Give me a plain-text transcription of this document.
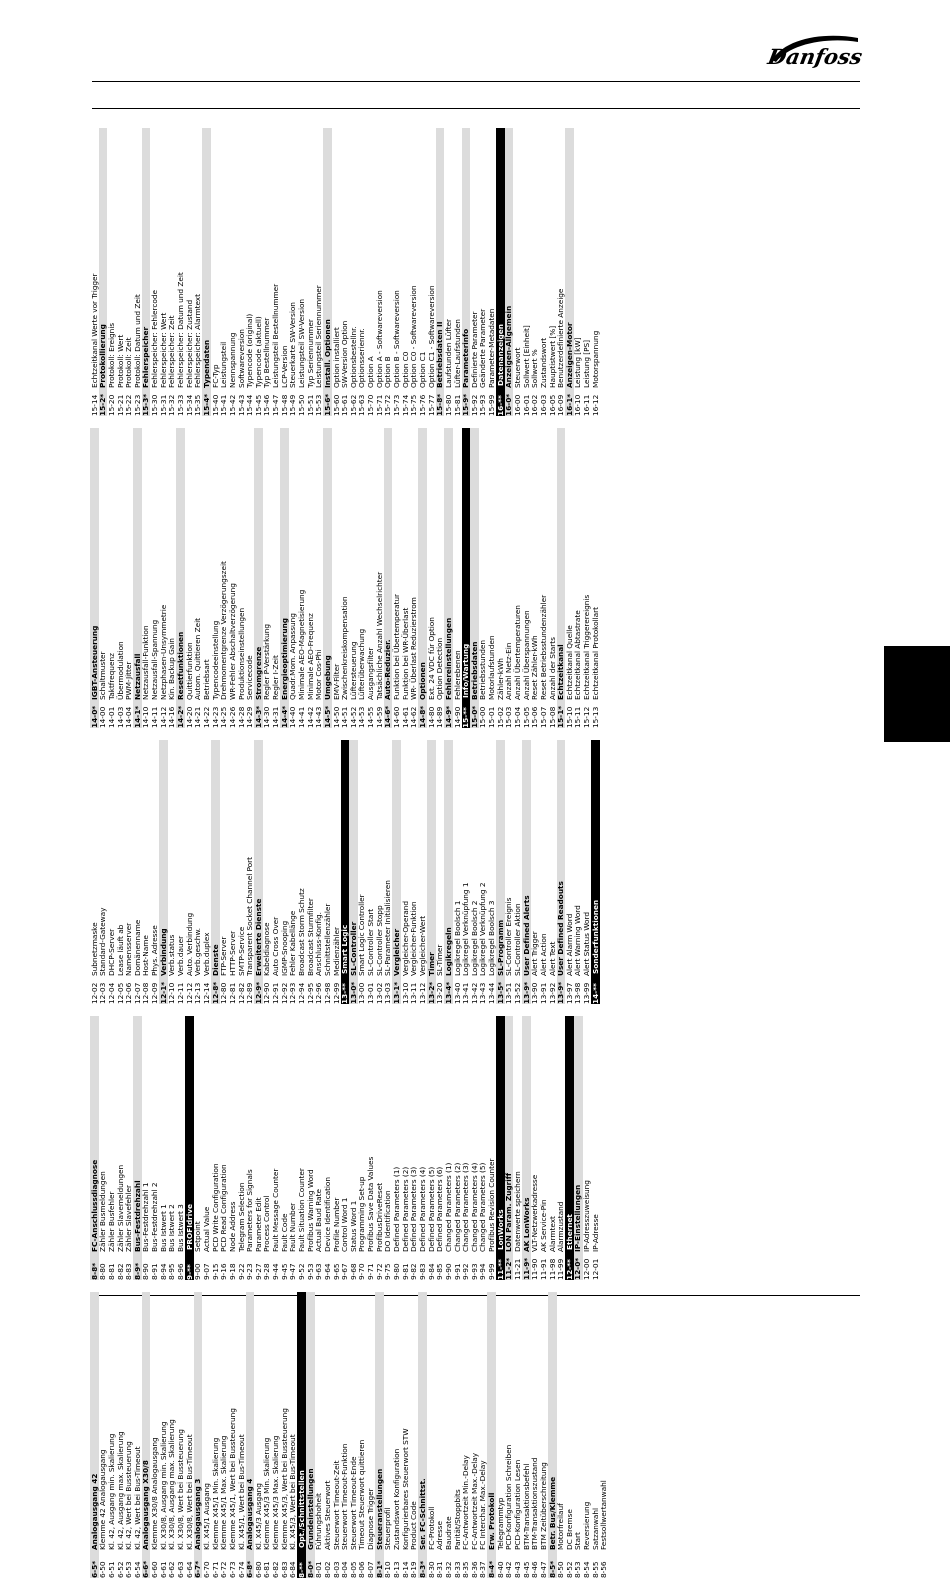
Danfoss
6-5*
Analogausgang 42
6-50
Klemme 42 Analogausgang
6-51
Kl. 42, Ausgang min. Skalierung
6-52
Kl. 42, Ausgang max. Skalierung
6-53
Kl. 42, Wert bei Bussteuerung
6-54
Kl. 42, Wert bei Bus-Timeout
6-6*
Analogausgang X30/8
6-60
Klemme X30/8 Analogausgang
6-61
Kl. X30/8, Ausgang min. Skalierung
6-62
Kl. X30/8, Ausgang max. Skalierung
6-63
Kl. X30/8, Wert bei Bussteuerung
6-64
Kl. X30/8, Wert bei Bus-Timeout
6-7*
Analogausgang 3
6-70
Kl. X45/1 Ausgang
6-71
Klemme X45/1 Min. Skalierung
6-72
Klemme X45/1 Max. Skalierung
6-73
Klemme X45/1, Wert bei Bussteuerung
6-74
Kl. X45/1, Wert bei Bus-Timeout
6-8*
Analogausgang 4
6-80
Kl. X45/3 Ausgang
6-81
Klemme X45/3 Min. Skalierung
6-82
Klemme X45/3 Max. Skalierung
6-83
Klemme X45/3, Wert bei Bussteuerung
6-84
Kl. X45/3, Wert bei Bus-Timeout
8-**
Opt./Schnittstellen
8-0*
Grundeinstellungen
8-01
Führungshoheit
8-02
Aktives Steuerwort
8-03
Steuerwort Timeout-Zeit
8-04
Steuerwort Timeout-Funktion
8-05
Steuerwort Timeout-Ende
8-06
Timeout Steuerwort quittieren
8-07
Diagnose Trigger
8-1*
Steueranstellungen
8-10
Steuerprofil
8-13
Zustandswort Konfiguration
8-14
Konfigurierbares Steuerwort STW
8-19
Product Code
8-3*
Ser. FC-Schnittst.
8-30
FC-Protokoll
8-31
Adresse
8-32
Baudrate
8-33
Parität/Stoppbits
8-35
FC-Antwortzeit Min.-Delay
8-36
FC-Antwortzeit Max.-Delay
8-37
FC Interchar. Max.-Delay
8-4*
Erw. Protokoll
8-40
Telegrammtyp
8-42
PCD-Konfiguration Schreiben
8-43
PCD-Konfiguration Lesen
8-45
BTM-Transaktionsbefehl
8-46
BTM-Transaktionszustand
8-47
BTM Zeitüberschreitung
8-5*
Betr. Bus/Klemme
8-50
Motorfreilauf
8-52
DC Bremse
8-53
Start
8-54
Reversierung
8-55
Satzanwahl
8-56
Festsollwertanwahl
8-8*
FC-Anschlussdiagnose
8-80
Zähler Busmeldungen
8-81
Zähler Busfehler
8-82
Zähler Slavemeldungen
8-83
Zähler Slavefehler
8-9*
Bus-Festdrehzahl
8-90
Bus-Festdrehzahl 1
8-91
Bus-Festdrehzahl 2
8-94
Bus Istwert 1
8-95
Bus Istwert 2
8-96
Bus Istwert 3
9-**
PROFIdrive
9-00
Setpoint
9-07
Actual Value
9-15
PCD Write Configuration
9-16
PCD Read Configuration
9-18
Node Address
9-22
Telegram Selection
9-23
Parameters for Signals
9-27
Parameter Edit
9-28
Process Control
9-44
Fault Message Counter
9-45
Fault Code
9-47
Fault Number
9-52
Fault Situation Counter
9-53
Profibus Warning Word
9-63
Actual Baud Rate
9-64
Device Identification
9-65
Profile Number
9-67
Control Word 1
9-68
Status Word 1
9-70
Programming Set-up
9-71
Profibus Save Data Values
9-72
ProfibusDriveReset
9-75
DO Identification
9-80
Defined Parameters (1)
9-81
Defined Parameters (2)
9-82
Defined Parameters (3)
9-83
Defined Parameters (4)
9-84
Defined Parameters (5)
9-85
Defined Parameters (6)
9-90
Changed Parameters (1)
9-91
Changed Parameters (2)
9-92
Changed Parameters (3)
9-93
Changed Parameters (4)
9-94
Changed Parameters (5)
9-99
Profibus Revision Counter
11-**
LonWorks
11-2*
LON Param. Zugriff
11-21
Datenwerte speichern
11-9*
AK LonWorks
11-90
VLT-Netzwerkadresse
11-91
AK Service-Pin
11-98
Alarmtext
11-99
Alarmzustand
12-**
Ethernet
12-0*
IP-Einstellungen
12-00
IP-Adresszuweisung
12-01
IP-Adresse
12-02
Subnetzmaske
12-03
Standard-Gateway
12-04
DHCP-Server
12-05
Lease läuft ab
12-06
Namensserver
12-07
Domänenname
12-08
Host-Name
12-09
Phys. Adresse
12-1*
Verbindung
12-10
Verb.status
12-11
Verb.dauer
12-12
Auto. Verbindung
12-13
Verb.geschw.
12-14
Verb.duplex
12-8*
Dienste
12-80
FTP-Server
12-81
HTTP-Server
12-82
SMTP-Service
12-89
Transparent Socket Channel Port
12-9*
Erweiterte Dienste
12-90
Kabeldiagnose
12-91
Auto Cross Over
12-92
IGMP-Snooping
12-93
Fehler Kabellänge
12-94
Broadcast Storm Schutz
12-95
Broadcast Sturmfilter
12-96
Anschluss-Konfig.
12-98
Schnittstellenzähler
12-99
Medienzähler
13-**
Smart Logic
13-0*
SL-Controller
13-00
Smart Logic Controller
13-01
SL-Controller Start
13-02
SL-Controller Stopp
13-03
SL-Parameter Initialisieren
13-1*
Vergleicher
13-10
Vergleicher-Operand
13-11
Vergleicher-Funktion
13-12
Vergleicher-Wert
13-2*
Timer
13-20
SL-Timer
13-4*
Logikregeln
13-40
Logikregel Boolsch 1
13-41
Logikregel Verknüpfung 1
13-42
Logikregel Boolsch 2
13-43
Logikregel Verknüpfung 2
13-44
Logikregel Boolsch 3
13-5*
SL-Programm
13-51
SL-Controller Ereignis
13-52
SL-Controller Aktion
13-9*
User Defined Alerts
13-90
Alert Trigger
13-91
Alert Action
13-92
Alert Text
13-9*
User Defined Readouts
13-97
Alert Alarm Word
13-98
Alert Warning Word
13-99
Alert Status Word
14-**
Sonderfunktionen
14-0*
IGBT-Ansteuerung
14-00
Schaltmuster
14-01
Taktfrequenz
14-03
Übermodulation
14-04
PWM-Jitter
14-1*
Netzausfall
14-10
Netzausfall-Funktion
14-11
Netzausfall-Spannung
14-12
Netzphasen-Unsymmetrie
14-16
Kin. Backup Gain
14-2*
Resetfunktionen
14-20
Quittierfunktion
14-21
Autom. Quittieren Zeit
14-22
Betriebsart
14-23
Typencodeeinstellung
14-25
Drehmomentgrenze Verzögerungszeit
14-26
WR-Fehler Abschaltverzögerung
14-28
Produktionseinstellungen
14-29
Servicecode
14-3*
Stromgrenze
14-30
Regler P-Verstärkung
14-31
Regler I-Zeit
14-4*
Energieoptimierung
14-40
Quadr.Mom. Anpassung
14-41
Minimale AEO-Magnetisierung
14-42
Minimale AEO-Frequenz
14-43
Motor Cos-Phi
14-5*
Umgebung
14-50
EMV-Filter
14-51
Zwischenkreiskompensation
14-52
Lüftersteuerung
14-53
Lüfterüberwachung
14-55
Ausgangsfilter
14-59
Tatsächliche Anzahl Wechselrichter
14-6*
Auto-Reduzier.
14-60
Funktion bei Übertemperatur
14-61
Funktion bei WR-Überlast
14-62
WR- Überlast Reduzierstrom
14-8*
Optionen
14-80
Ext. 24 VDC für Option
14-89
Option Detection
14-9*
Fehlereinstellungen
14-90
Fehlerebenen
15-**
Info/Wartung
15-0*
Betriebsdaten
15-00
Betriebsstunden
15-01
Motorlaufstunden
15-02
Zähler-kWh
15-03
Anzahl Netz-Ein
15-04
Anzahl Übertemperaturen
15-05
Anzahl Überspannungen
15-06
Reset Zähler-kWh
15-07
Reset Betriebsstundenzähler
15-08
Anzahl der Starts
15-1*
Echtzeitkanal
15-10
Echtzeitkanal Quelle
15-11
Echtzeitkanal Abtastrate
15-12
Echtzeitkanal Triggerereignis
15-13
Echtzeitkanal Protokollart
15-14
Echtzeitkanal Werte vor Trigger
15-2*
Protokollierung
15-20
Protokoll: Ereignis
15-21
Protokoll: Wert
15-22
Protokoll: Zeit
15-23
Protokoll: Datum und Zeit
15-3*
Fehlerspeicher
15-30
Fehlerspeicher: Fehlercode
15-31
Fehlerspeicher: Wert
15-32
Fehlerspeicher: Zeit
15-33
Fehlerspeicher: Datum und Zeit
15-34
Fehlerspeicher: Zustand
15-35
Fehlerspeicher: Alarmtext
15-4*
Typendaten
15-40
FC-Typ
15-41
Leistungsteil
15-42
Nennspannung
15-43
Softwareversion
15-44
Typencode (original)
15-45
Typencode (aktuell)
15-46
Typ Bestellnummer
15-47
Leistungsteil Bestellnummer
15-48
LCP-Version
15-49
Steuerkarte SW-Version
15-50
Leistungsteil SW-Version
15-51
Typ Seriennummer
15-53
Leistungsteil Seriennummer
15-6*
Install. Optionen
15-60
Option installiert
15-61
SW-Version Option
15-62
Optionsbestellnr.
15-63
Optionsseriennr.
15-70
Option A
15-71
Option A - Softwareversion
15-72
Option B
15-73
Option B - Softwareversion
15-74
Option C0
15-75
Option C0 - Softwareversion
15-76
Option C1
15-77
Option C1 - Softwareversion
15-8*
Betriebsdaten II
15-80
Laufstunden Lüfter
15-81
Lüfter-Laufstunden
15-9*
Parameterinfo
15-92
Definierte Parameter
15-93
Geänderte Parameter
15-99
Parameter-Metadaten
16-**
Datenanzeigen
16-0*
Anzeigen-Allgemein
16-00
Steuerwort
16-01
Sollwert [Einheit]
16-02
Sollwert %
16-03
Zustandswort
16-05
Hauptistwert [%]
16-09
Benutzerdefinierte Anzeige
16-1*
Anzeigen-Motor
16-10
Leistung [kW]
16-11
Leistung [PS]
16-12
Motorspannung
